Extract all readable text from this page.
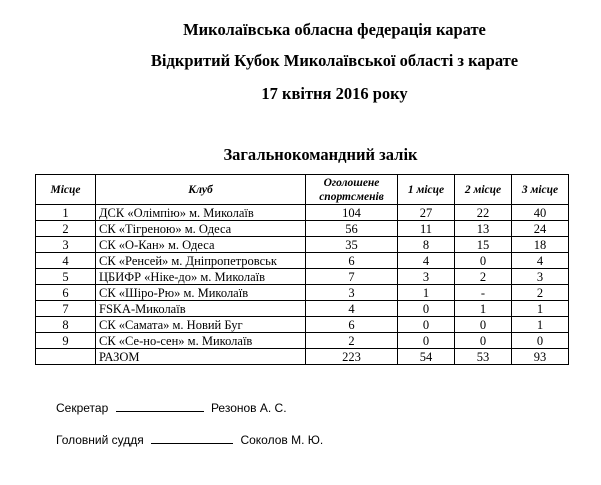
Миколаївська обласна федерація карате
Відкритий Кубок Миколаївської області з карате
17 квітня 2016 року
Загальнокомандний залік
Місце	Клуб	Оголошене спортсменів	1 місце	2 місце	3 місце
1	ДСК «Олімпію» м. Миколаїв	104	27	22	40
2	СК «Тігреною» м. Одеса	56	11	13	24
3	СК «О-Кан» м. Одеса	35	8	15	18
4	СК «Ренсей» м. Дніпропетровськ	6	4	0	4
5	ЦБИФР «Ніке-до» м. Миколаїв	7	3	2	3
6	СК «Шіро-Рю» м. Миколаїв	3	1	-	2
7	FSKA-Миколаїв	4	0	1	1
8	СК «Самата» м. Новий Буг	6	0	0	1
9	СК «Се-но-сен» м. Миколаїв	2	0	0	0
	РАЗОМ	223	54	53	93
Секретар	Резонов А. С.
Головний суддя	Соколов М. Ю.
